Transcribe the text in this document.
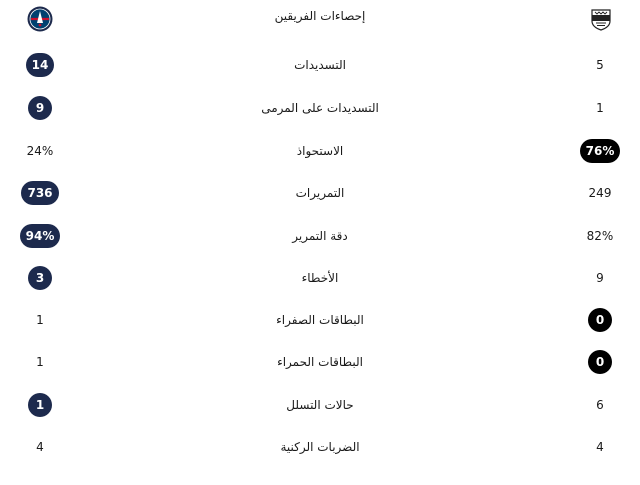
إحصاءات الفريقين
14	التسديدات	5
9	التسديدات على المرمى	1
24%	الاستحواذ	76%
736	التمريرات	249
94%	دقة التمرير	82%
3	الأخطاء	9
1	البطاقات الصفراء	0
1	البطاقات الحمراء	0
1	حالات التسلل	6
4	الضربات الركنية	4
